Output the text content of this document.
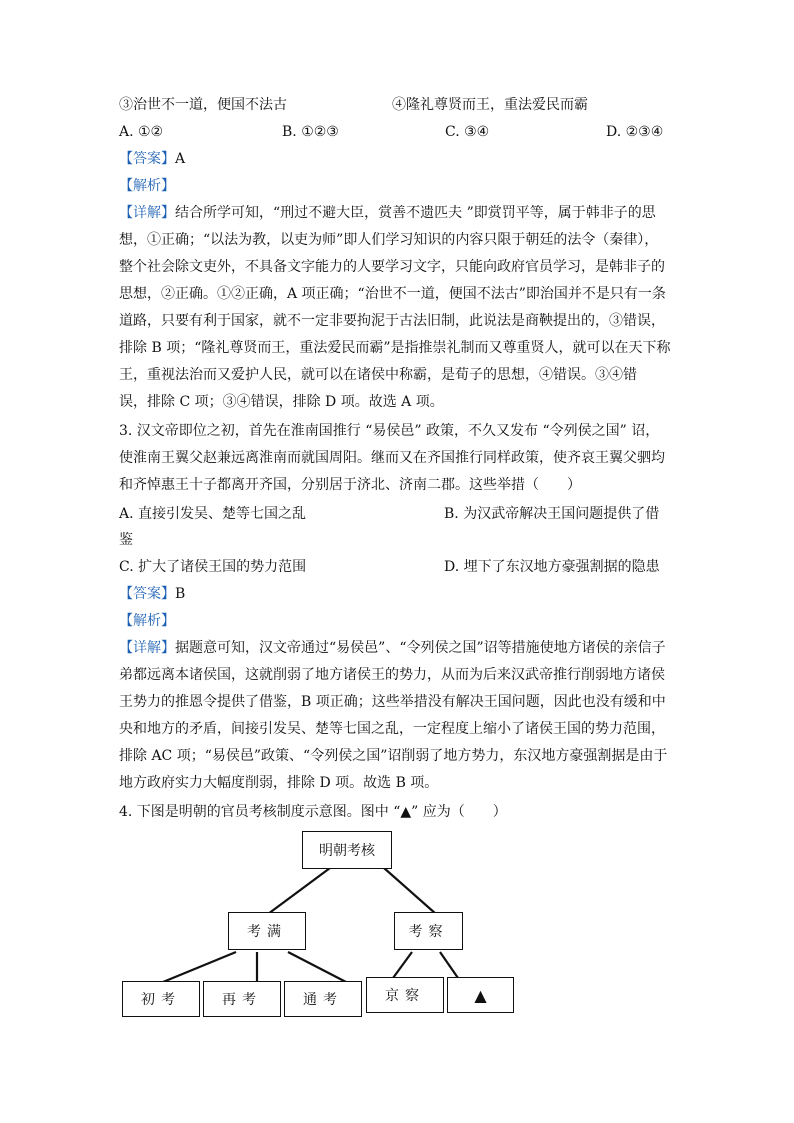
③治世不一道，便国不法古	④隆礼尊贤而王，重法爱民而霸
A. ①②	B. ①②③	C. ③④	D. ②③④
【答案】A
【解析】
【详解】结合所学可知，“刑过不避大臣，赏善不遗匹夫 ”即赏罚平等，属于韩非子的思
想，①正确；“以法为教，以吏为师”即人们学习知识的内容只限于朝廷的法令（秦律），
整个社会除文吏外，不具备文字能力的人要学习文字，只能向政府官员学习，是韩非子的
思想，②正确。①②正确，A 项正确；“治世不一道，便国不法古”即治国并不是只有一条
道路，只要有利于国家，就不一定非要拘泥于古法旧制，此说法是商鞅提出的，③错误，
排除 B 项；“隆礼尊贤而王，重法爱民而霸”是指推崇礼制而又尊重贤人，就可以在天下称
王，重视法治而又爱护人民，就可以在诸侯中称霸，是荀子的思想，④错误。③④错
误，排除 C 项；③④错误，排除 D 项。故选 A 项。
3. 汉文帝即位之初，首先在淮南国推行 “易侯邑” 政策，不久又发布 “令列侯之国” 诏，
使淮南王翼父赵兼远离淮南而就国周阳。继而又在齐国推行同样政策，使齐哀王翼父驷均
和齐悼惠王十子都离开齐国，分别居于济北、济南二郡。这些举措（　　）
A. 直接引发吴、楚等七国之乱	B. 为汉武帝解决王国问题提供了借
鉴
C. 扩大了诸侯王国的势力范围	D. 埋下了东汉地方豪强割据的隐患
【答案】B
【解析】
【详解】据题意可知，汉文帝通过“易侯邑”、“令列侯之国”诏等措施使地方诸侯的亲信子
弟都远离本诸侯国，这就削弱了地方诸侯王的势力，从而为后来汉武帝推行削弱地方诸侯
王势力的推恩令提供了借鉴，B 项正确；这些举措没有解决王国问题，因此也没有缓和中
央和地方的矛盾，间接引发吴、楚等七国之乱，一定程度上缩小了诸侯王国的势力范围，
排除 AC 项；“易侯邑”政策、“令列侯之国”诏削弱了地方势力，东汉地方豪强割据是由于
地方政府实力大幅度削弱，排除 D 项。故选 B 项。
4. 下图是明朝的官员考核制度示意图。图中 “▲” 应为（　　）
明朝考核
考满	考察
初考	再考	通考	京察	▲
